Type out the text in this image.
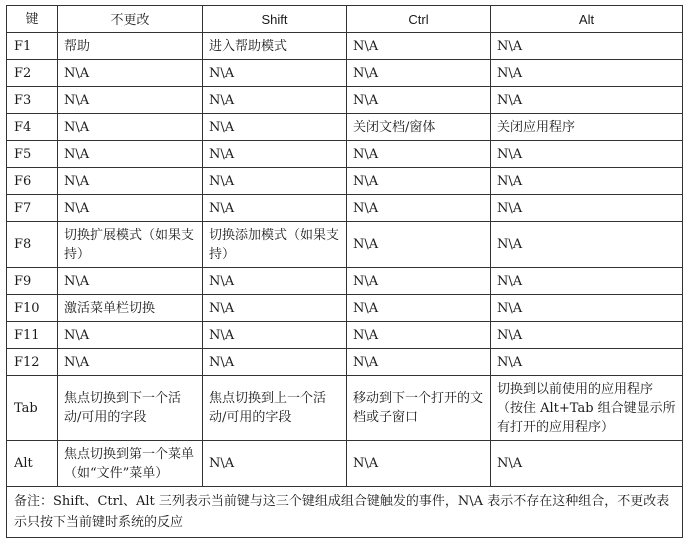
键	不更改	Shift	Ctrl	Alt
F1	帮助	进入帮助模式	N\A	N\A
F2	N\A	N\A	N\A	N\A
F3	N\A	N\A	N\A	N\A
F4	N\A	N\A	关闭文档/窗体	关闭应用程序
F5	N\A	N\A	N\A	N\A
F6	N\A	N\A	N\A	N\A
F7	N\A	N\A	N\A	N\A
F8	切换扩展模式（如果支持）	切换添加模式（如果支持）	N\A	N\A
F9	N\A	N\A	N\A	N\A
F10	激活菜单栏切换	N\A	N\A	N\A
F11	N\A	N\A	N\A	N\A
F12	N\A	N\A	N\A	N\A
Tab	焦点切换到下一个活动/可用的字段	焦点切换到上一个活动/可用的字段	移动到下一个打开的文档或子窗口	切换到以前使用的应用程序（按住 Alt+Tab 组合键显示所有打开的应用程序）
Alt	焦点切换到第一个菜单（如“文件”菜单）	N\A	N\A	N\A
备注：Shift、Ctrl、Alt 三列表示当前键与这三个键组成组合键触发的事件，N\A 表示不存在这种组合，不更改表示只按下当前键时系统的反应				
